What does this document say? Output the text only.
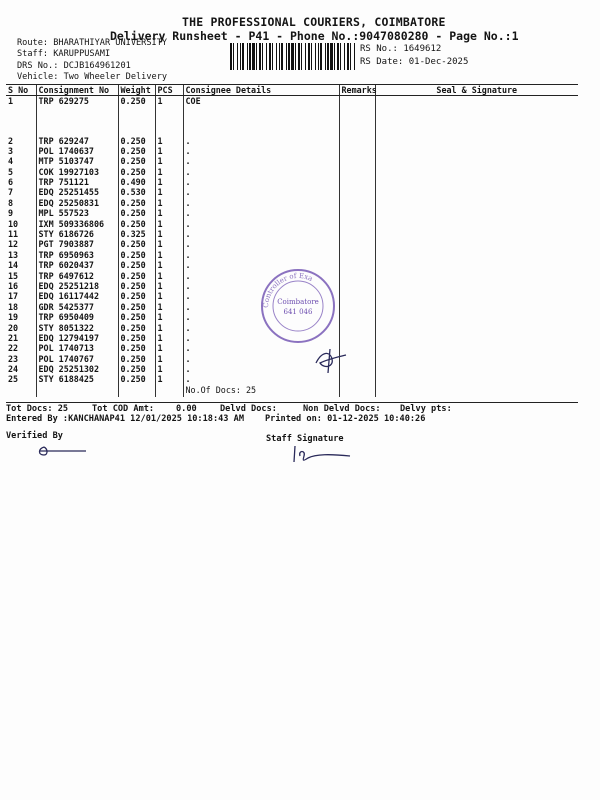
THE PROFESSIONAL COURIERS, COIMBATORE
Delivery Runsheet - P41 - Phone No.:9047080280 - Page No.:1
Route: BHARATHIYAR UNIVERSITY
Staff: KARUPPUSAMI
DRS No.: DCJB164961201
Vehicle: Two Wheeler Delivery
RS No.: 1649612
RS Date: 01-Dec-2025
S No	Consignment No	Weight	PCS	Consignee Details	Remarks	Seal & Signature
1	TRP 629275	0.250	1	COE		
2	TRP 629247	0.250	1	.		
3	POL 1740637	0.250	1	.		
4	MTP 5103747	0.250	1	.		
5	COK 19927103	0.250	1	.		
6	TRP 751121	0.490	1	.		
7	EDQ 25251455	0.530	1	.		
8	EDQ 25250831	0.250	1	.		
9	MPL 557523	0.250	1	.		
10	IXM 509336806	0.250	1	.		
11	STY 6186726	0.325	1	.		
12	PGT 7903887	0.250	1	.		
13	TRP 6950963	0.250	1	.		
14	TRP 6020437	0.250	1	.		
15	TRP 6497612	0.250	1	.		
16	EDQ 25251218	0.250	1	.		
17	EDQ 16117442	0.250	1	.		
18	GDR 5425377	0.250	1	.		
19	TRP 6950409	0.250	1	.		
20	STY 8051322	0.250	1	.		
21	EDQ 12794197	0.250	1	.		
22	POL 1740713	0.250	1	.		
23	POL 1740767	0.250	1	.		
24	EDQ 25251302	0.250	1	.		
25	STY 6188425	0.250	1	.		
				No.Of Docs: 25		
Controller of Exa
Coimbatore
641 046
Tot Docs: 25	Tot COD Amt:	0.00	Delvd Docs:	Non Delvd Docs: Delvy pts:
Entered By :KANCHANAP41 12/01/2025 10:18:43 AM Printed on: 01-12-2025 10:40:26
Verified By	Staff Signature
